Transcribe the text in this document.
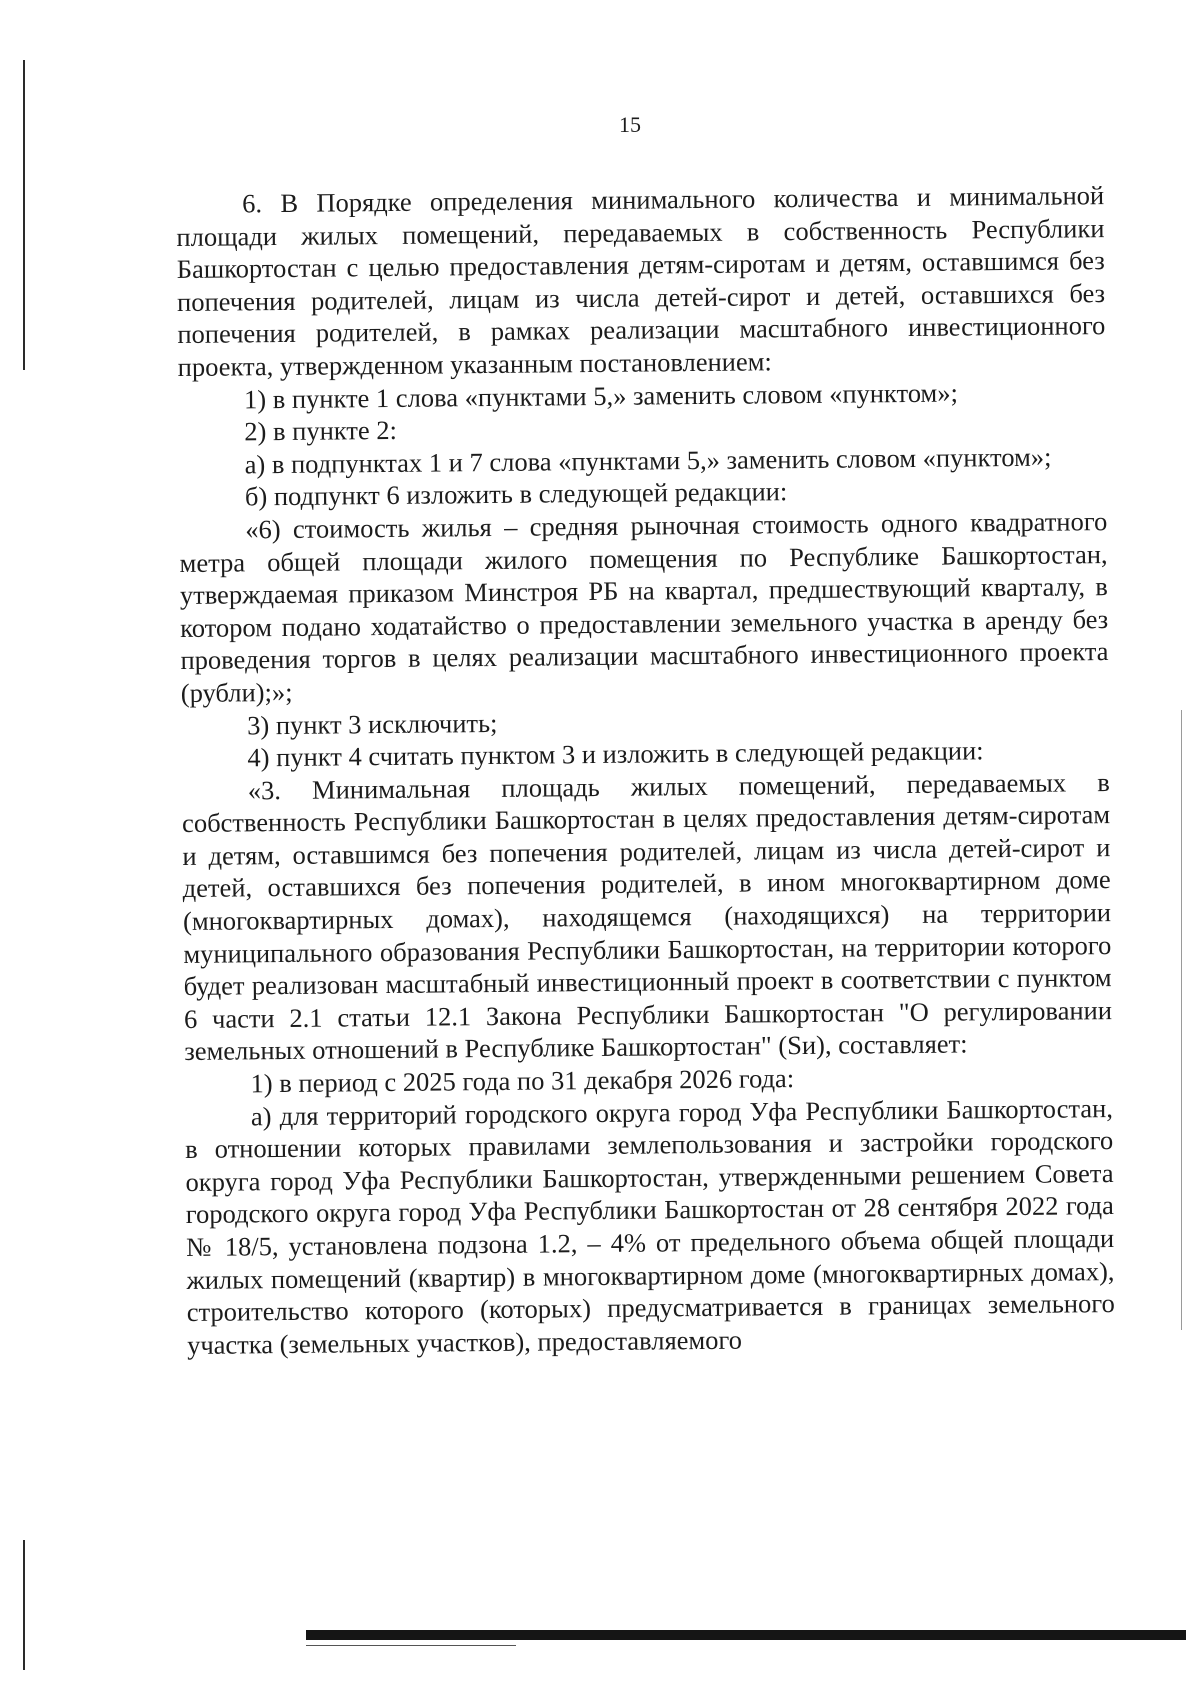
15

6. В Порядке определения минимального количества и минимальной площади жилых помещений, передаваемых в собственность Республики Башкортостан с целью предоставления детям-сиротам и детям, оставшимся без попечения родителей, лицам из числа детей-сирот и детей, оставшихся без попечения родителей, в рамках реализации масштабного инвестиционного проекта, утвержденном указанным постановлением:

1) в пункте 1 слова «пунктами 5,» заменить словом «пунктом»;

2) в пункте 2:

а) в подпунктах 1 и 7 слова «пунктами 5,» заменить словом «пунктом»;

б) подпункт 6 изложить в следующей редакции:

«6) стоимость жилья – средняя рыночная стоимость одного квадратного метра общей площади жилого помещения по Республике Башкортостан, утверждаемая приказом Минстроя РБ на квартал, предшествующий кварталу, в котором подано ходатайство о предоставлении земельного участка в аренду без проведения торгов в целях реализации масштабного инвестиционного проекта (рубли);»;

3) пункт 3 исключить;

4) пункт 4 считать пунктом 3 и изложить в следующей редакции:

«3. Минимальная площадь жилых помещений, передаваемых в собственность Республики Башкортостан в целях предоставления детям-сиротам и детям, оставшимся без попечения родителей, лицам из числа детей-сирот и детей, оставшихся без попечения родителей, в ином многоквартирном доме (многоквартирных домах), находящемся (находящихся) на территории муниципального образования Республики Башкортостан, на территории которого будет реализован масштабный инвестиционный проект в соответствии с пунктом 6 части 2.1 статьи 12.1 Закона Республики Башкортостан "О регулировании земельных отношений в Республике Башкортостан" (Sи), составляет:

1) в период с 2025 года по 31 декабря 2026 года:

а) для территорий городского округа город Уфа Республики Башкортостан, в отношении которых правилами землепользования и застройки городского округа город Уфа Республики Башкортостан, утвержденными решением Совета городского округа город Уфа Республики Башкортостан от 28 сентября 2022 года № 18/5, установлена подзона 1.2, – 4% от предельного объема общей площади жилых помещений (квартир) в многоквартирном доме (многоквартирных домах), строительство которого (которых) предусматривается в границах земельного участка (земельных участков), предоставляемого
